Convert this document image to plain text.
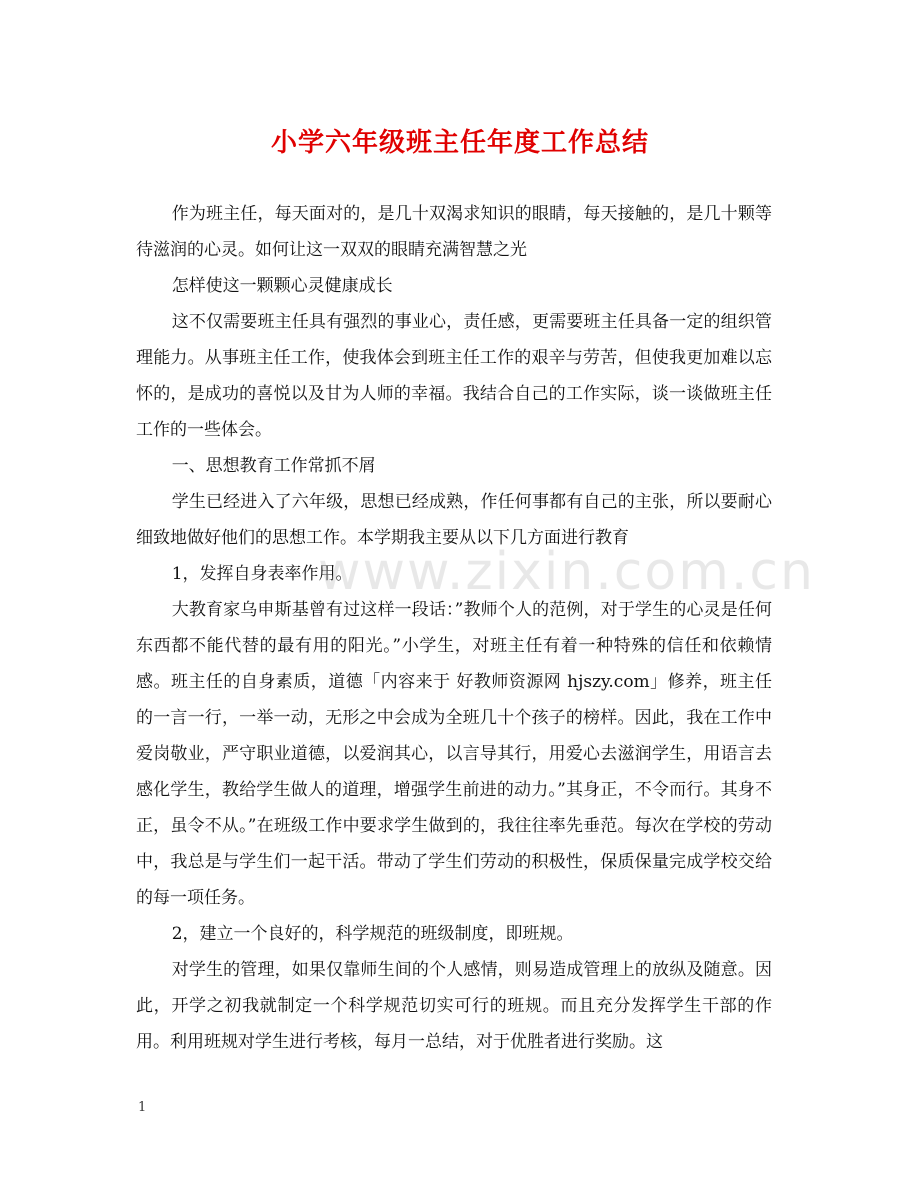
小学六年级班主任年度工作总结

作为班主任，每天面对的，是几十双渴求知识的眼睛，每天接触的，是几十颗等待滋润的心灵。如何让这一双双的眼睛充满智慧之光

怎样使这一颗颗心灵健康成长

这不仅需要班主任具有强烈的事业心，责任感，更需要班主任具备一定的组织管理能力。从事班主任工作，使我体会到班主任工作的艰辛与劳苦，但使我更加难以忘怀的，是成功的喜悦以及甘为人师的幸福。我结合自己的工作实际，谈一谈做班主任工作的一些体会。

一、思想教育工作常抓不屑

学生已经进入了六年级，思想已经成熟，作任何事都有自己的主张，所以要耐心细致地做好他们的思想工作。本学期我主要从以下几方面进行教育

1，发挥自身表率作用。

大教育家乌申斯基曾有过这样一段话：”教师个人的范例，对于学生的心灵是任何东西都不能代替的最有用的阳光。”小学生，对班主任有着一种特殊的信任和依赖情感。班主任的自身素质，道德「内容来于 好教师资源网 hjszy.com」修养，班主任的一言一行，一举一动，无形之中会成为全班几十个孩子的榜样。因此，我在工作中爱岗敬业，严守职业道德，以爱润其心，以言导其行，用爱心去滋润学生，用语言去感化学生，教给学生做人的道理，增强学生前进的动力。”其身正，不令而行。其身不正，虽令不从。”在班级工作中要求学生做到的，我往往率先垂范。每次在学校的劳动中，我总是与学生们一起干活。带动了学生们劳动的积极性，保质保量完成学校交给的每一项任务。

2，建立一个良好的，科学规范的班级制度，即班规。

对学生的管理，如果仅靠师生间的个人感情，则易造成管理上的放纵及随意。因此，开学之初我就制定一个科学规范切实可行的班规。而且充分发挥学生干部的作用。利用班规对学生进行考核，每月一总结，对于优胜者进行奖励。这

www.zixin.com.cn
1
